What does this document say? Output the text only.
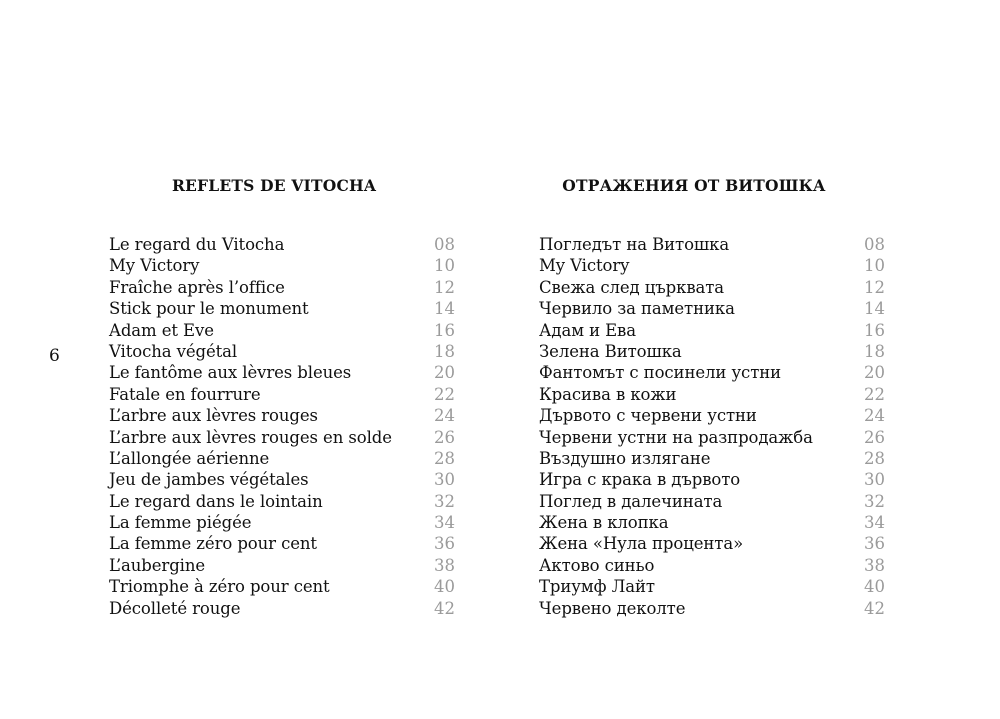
6
REFLETS DE VITOCHA
Le regard du Vitocha	08
My Victory	10
Fraîche après l’office	12
Stick pour le monument	14
Adam et Eve	16
Vitocha végétal	18
Le fantôme aux lèvres bleues	20
Fatale en fourrure	22
L’arbre aux lèvres rouges	24
L’arbre aux lèvres rouges en solde	26
L’allongée aérienne	28
Jeu de jambes végétales	30
Le regard dans le lointain	32
La femme piégée	34
La femme zéro pour cent	36
L’aubergine	38
Triomphe à zéro pour cent	40
Décolleté rouge	42
ОТРАЖЕНИЯ ОТ ВИТОШКА
Погледът на Витошка	08
My Victory	10
Свежа след църквата	12
Червило за паметника	14
Адам и Ева	16
Зелена Витошка	18
Фантомът с посинели устни	20
Красива в кожи	22
Дървото с червени устни	24
Червени устни на разпродажба	26
Въздушно излягане	28
Игра с крака в дървото	30
Поглед в далечината	32
Жена в клопка	34
Жена «Нула процента»	36
Актово синьо	38
Триумф Лайт	40
Червено деколте	42
